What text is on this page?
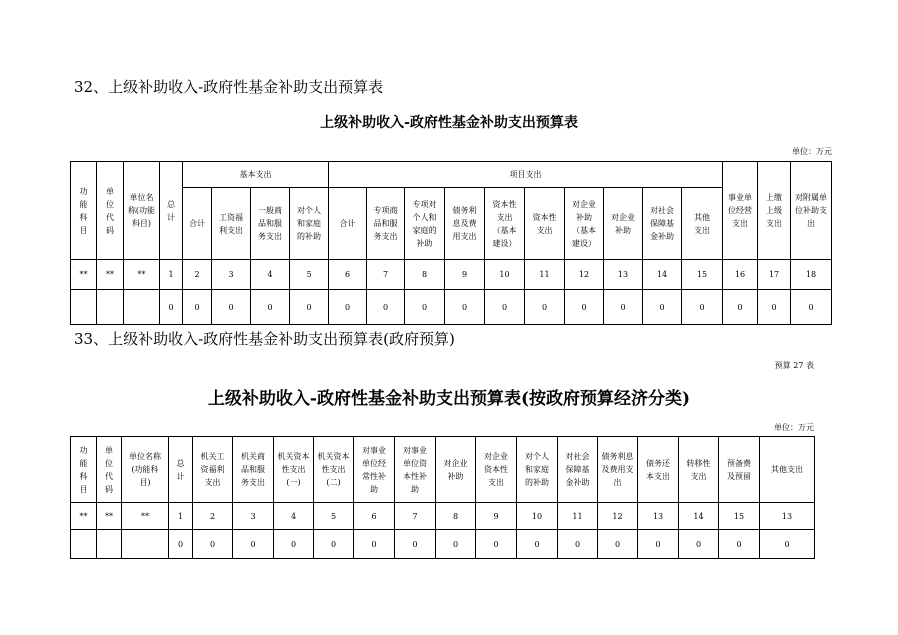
32、上级补助收入-政府性基金补助支出预算表
上级补助收入-政府性基金补助支出预算表
单位：万元
功能科目	单位代码	单位名称(功能科目)	总计	基本支出				项目支出										事业单位经营支出	上缴上级支出	对附属单位补助支出

				合计	工资福利支出	一般商品和服务支出	对个人和家庭的补助	合计	专项商品和服务支出	专项对个人和家庭的补助	债务利息及费用支出	资本性支出（基本建设）	资本性支出	对企业补助（基本建设）	对企业补助	对社会保障基金补助	其他支出			

**	**	**	1	2	3	4	5	6	7	8	9	10	11	12	13	14	15	16	17	18
			0	0	0	0	0	0	0	0	0	0	0	0	0	0	0	0	0	0
33、上级补助收入-政府性基金补助支出预算表(政府预算)
预算 27 表
上级补助收入-政府性基金补助支出预算表(按政府预算经济分类)
单位：万元
功能科目	单位代码	单位名称(功能科目)	总计	机关工资福利支出	机关商品和服务支出	机关资本性支出(一)	机关资本性支出(二)	对事业单位经常性补助	对事业单位资本性补助	对企业补助	对企业资本性支出	对个人和家庭的补助	对社会保障基金补助	债务利息及费用支出	债务还本支出	转移性支出	预备费及预留	其他支出
**	**	**	1	2	3	4	5	6	7	8	9	10	11	12	13	14	15	13
			0	0	0	0	0	0	0	0	0	0	0	0	0	0	0	0
